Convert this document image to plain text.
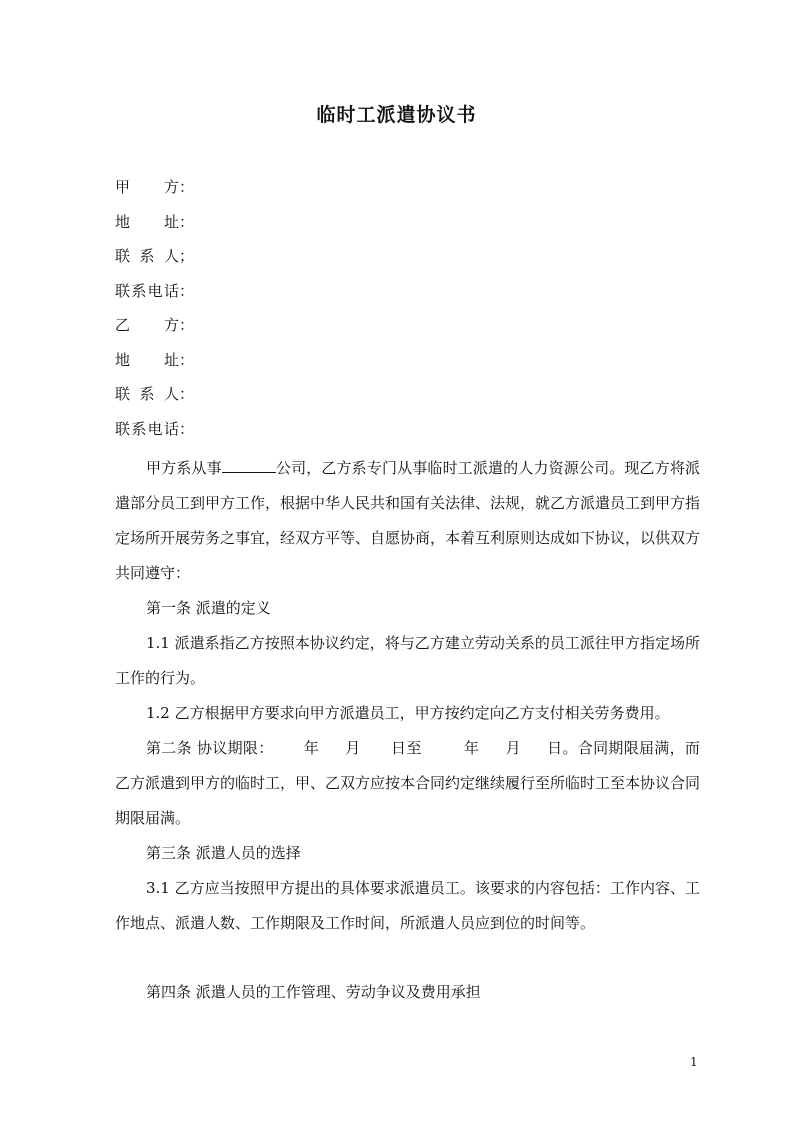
临时工派遣协议书
甲方 ：
地址 ：
联系人 ；
联系电话 ：
乙方 ：
地址 ：
联系人 ：
联系电话 ：

甲方系从事	公司，乙方系专门从事临时工派遣的人力资源公司。现乙方将派遣部分员工到甲方工作，根据中华人民共和国有关法律、法规，就乙方派遣员工到甲方指定场所开展劳务之事宜，经双方平等、自愿协商，本着互利原则达成如下协议，以供双方共同遵守：

第一条 派遣的定义

1.1 派遣系指乙方按照本协议约定，将与乙方建立劳动关系的员工派往甲方指定场所工作的行为。

1.2 乙方根据甲方要求向甲方派遣员工，甲方按约定向乙方支付相关劳务费用。

第二条 协议期限： 年 月 日至	年 月 日。合同期限届满，而乙方派遣到甲方的临时工，甲、乙双方应按本合同约定继续履行至所临时工至本协议合同期限届满。

第三条 派遣人员的选择

3.1 乙方应当按照甲方提出的具体要求派遣员工。该要求的内容包括：工作内容、工作地点、派遣人数、工作期限及工作时间，所派遣人员应到位的时间等。

第四条 派遣人员的工作管理、劳动争议及费用承担

1
